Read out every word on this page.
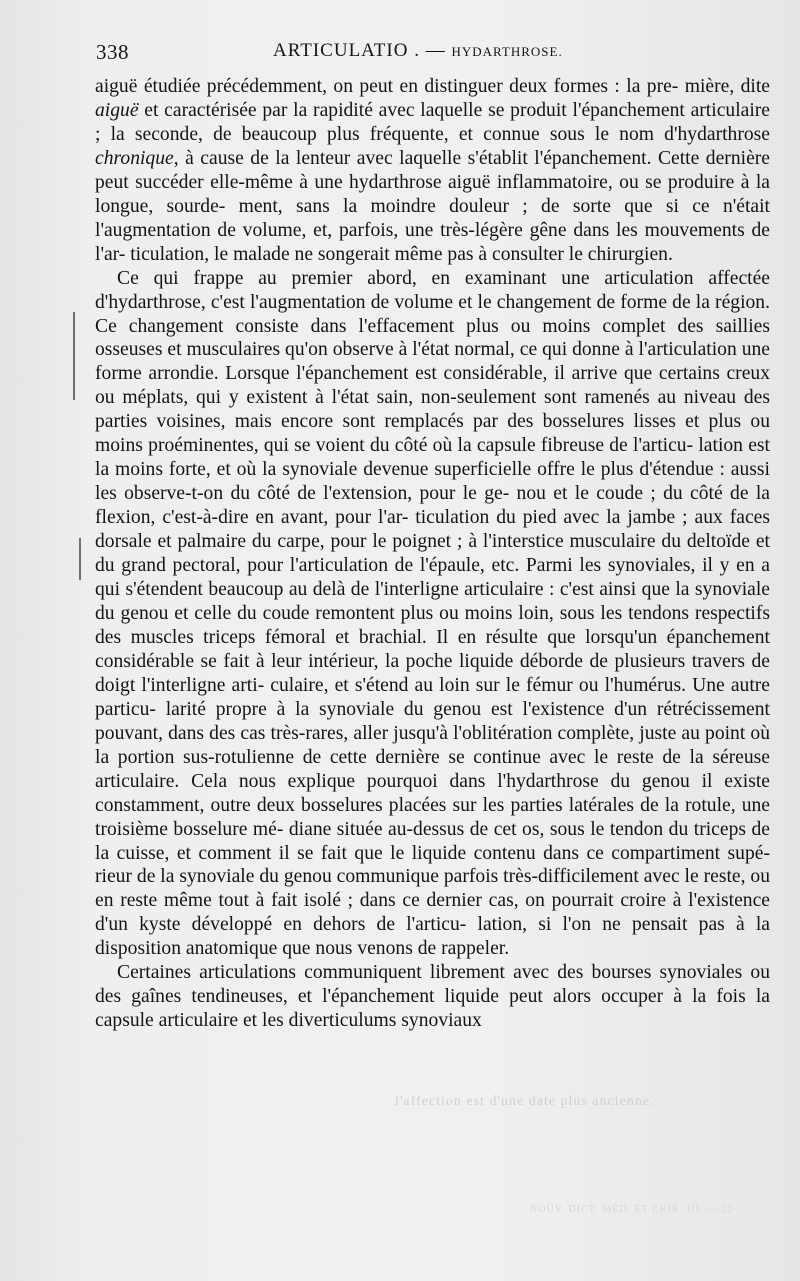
338	ARTICULATIO . — HYDARTHROSE.
l'affection est d'une date plus ancienne.
NOUV. DICT. MÉD. ET CHIR. III. — 22

aiguë étudiée précédemment, on peut en distinguer deux formes : la pre- mière, dite aiguë et caractérisée par la rapidité avec laquelle se produit l'épanchement articulaire ; la seconde, de beaucoup plus fréquente, et connue sous le nom d'hydarthrose chronique, à cause de la lenteur avec laquelle s'établit l'épanchement. Cette dernière peut succéder elle-même à une hydarthrose aiguë inflammatoire, ou se produire à la longue, sourde- ment, sans la moindre douleur ; de sorte que si ce n'était l'augmentation de volume, et, parfois, une très-légère gêne dans les mouvements de l'ar- ticulation, le malade ne songerait même pas à consulter le chirurgien.

Ce qui frappe au premier abord, en examinant une articulation affectée d'hydarthrose, c'est l'augmentation de volume et le changement de forme de la région. Ce changement consiste dans l'effacement plus ou moins complet des saillies osseuses et musculaires qu'on observe à l'état normal, ce qui donne à l'articulation une forme arrondie. Lorsque l'épanchement est considérable, il arrive que certains creux ou méplats, qui y existent à l'état sain, non-seulement sont ramenés au niveau des parties voisines, mais encore sont remplacés par des bosselures lisses et plus ou moins proéminentes, qui se voient du côté où la capsule fibreuse de l'articu- lation est la moins forte, et où la synoviale devenue superficielle offre le plus d'étendue : aussi les observe-t-on du côté de l'extension, pour le ge- nou et le coude ; du côté de la flexion, c'est-à-dire en avant, pour l'ar- ticulation du pied avec la jambe ; aux faces dorsale et palmaire du carpe, pour le poignet ; à l'interstice musculaire du deltoïde et du grand pectoral, pour l'articulation de l'épaule, etc. Parmi les synoviales, il y en a qui s'étendent beaucoup au delà de l'interligne articulaire : c'est ainsi que la synoviale du genou et celle du coude remontent plus ou moins loin, sous les tendons respectifs des muscles triceps fémoral et brachial. Il en résulte que lorsqu'un épanchement considérable se fait à leur intérieur, la poche liquide déborde de plusieurs travers de doigt l'interligne arti- culaire, et s'étend au loin sur le fémur ou l'humérus. Une autre particu- larité propre à la synoviale du genou est l'existence d'un rétrécissement pouvant, dans des cas très-rares, aller jusqu'à l'oblitération complète, juste au point où la portion sus-rotulienne de cette dernière se continue avec le reste de la séreuse articulaire. Cela nous explique pourquoi dans l'hydarthrose du genou il existe constamment, outre deux bosselures placées sur les parties latérales de la rotule, une troisième bosselure mé- diane située au-dessus de cet os, sous le tendon du triceps de la cuisse, et comment il se fait que le liquide contenu dans ce compartiment supé- rieur de la synoviale du genou communique parfois très-difficilement avec le reste, ou en reste même tout à fait isolé ; dans ce dernier cas, on pourrait croire à l'existence d'un kyste développé en dehors de l'articu- lation, si l'on ne pensait pas à la disposition anatomique que nous venons de rappeler.

Certaines articulations communiquent librement avec des bourses synoviales ou des gaînes tendineuses, et l'épanchement liquide peut alors occuper à la fois la capsule articulaire et les diverticulums synoviaux
